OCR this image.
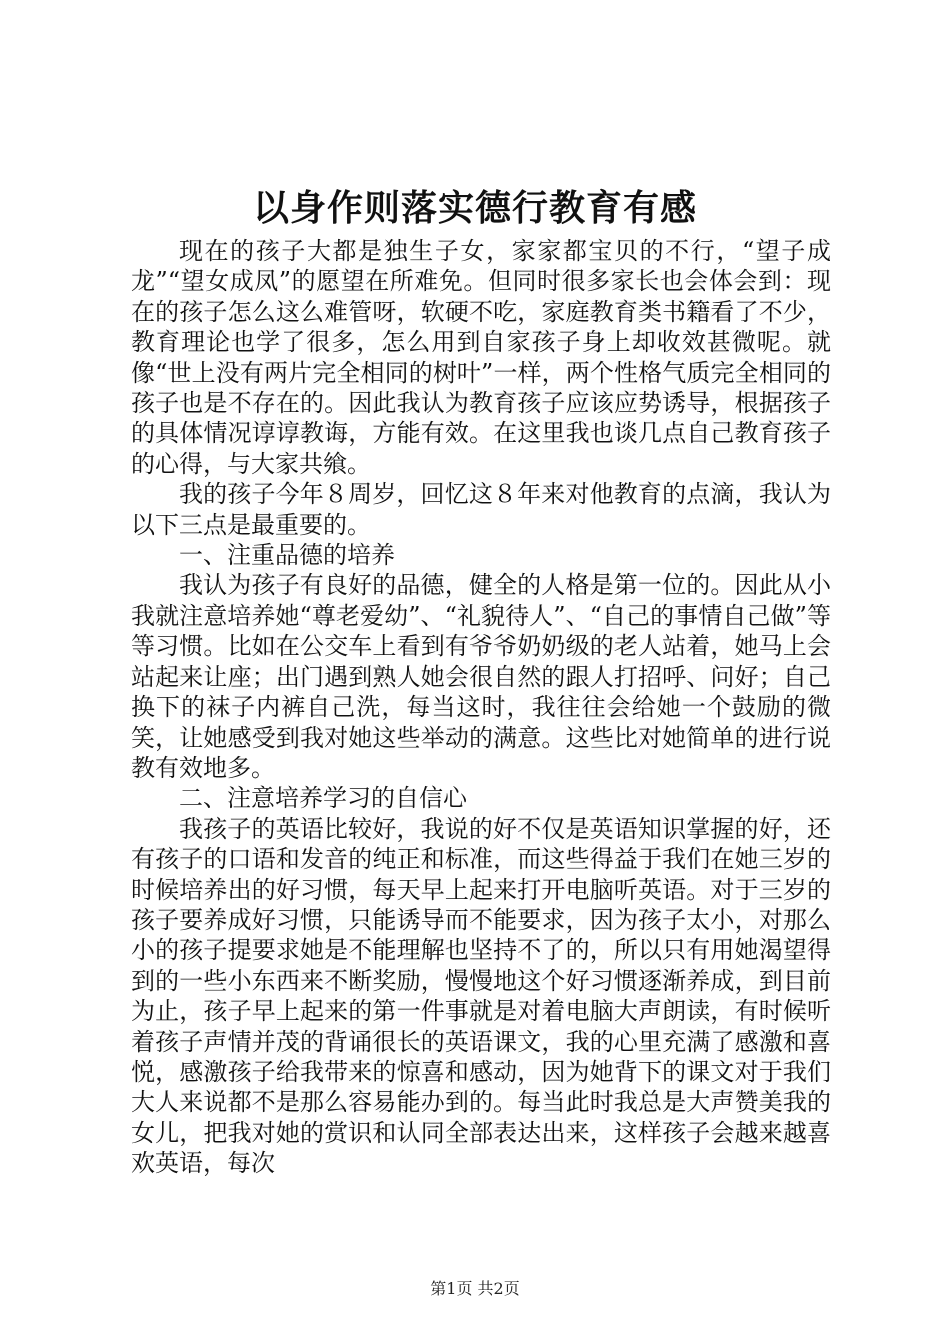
以身作则落实德行教育有感

现在的孩子大都是独生子女，家家都宝贝的不行，“望子成龙”“望女成凤”的愿望在所难免。但同时很多家长也会体会到：现在的孩子怎么这么难管呀，软硬不吃，家庭教育类书籍看了不少，教育理论也学了很多，怎么用到自家孩子身上却收效甚微呢。就像“世上没有两片完全相同的树叶”一样，两个性格气质完全相同的孩子也是不存在的。因此我认为教育孩子应该应势诱导，根据孩子的具体情况谆谆教诲，方能有效。在这里我也谈几点自己教育孩子的心得，与大家共飨。

我的孩子今年８周岁，回忆这８年来对他教育的点滴，我认为以下三点是最重要的。

一、注重品德的培养

我认为孩子有良好的品德，健全的人格是第一位的。因此从小我就注意培养她“尊老爱幼”、“礼貌待人”、“自己的事情自己做”等等习惯。比如在公交车上看到有爷爷奶奶级的老人站着，她马上会站起来让座；出门遇到熟人她会很自然的跟人打招呼、问好；自己换下的袜子内裤自己洗，每当这时，我往往会给她一个鼓励的微笑，让她感受到我对她这些举动的满意。这些比对她简单的进行说教有效地多。

二、注意培养学习的自信心

我孩子的英语比较好，我说的好不仅是英语知识掌握的好，还有孩子的口语和发音的纯正和标准，而这些得益于我们在她三岁的时候培养出的好习惯，每天早上起来打开电脑听英语。对于三岁的孩子要养成好习惯，只能诱导而不能要求，因为孩子太小，对那么小的孩子提要求她是不能理解也坚持不了的，所以只有用她渴望得到的一些小东西来不断奖励，慢慢地这个好习惯逐渐养成，到目前为止，孩子早上起来的第一件事就是对着电脑大声朗读，有时候听着孩子声情并茂的背诵很长的英语课文，我的心里充满了感激和喜悦，感激孩子给我带来的惊喜和感动，因为她背下的课文对于我们大人来说都不是那么容易能办到的。每当此时我总是大声赞美我的女儿，把我对她的赏识和认同全部表达出来，这样孩子会越来越喜欢英语，每次

第1页 共2页
